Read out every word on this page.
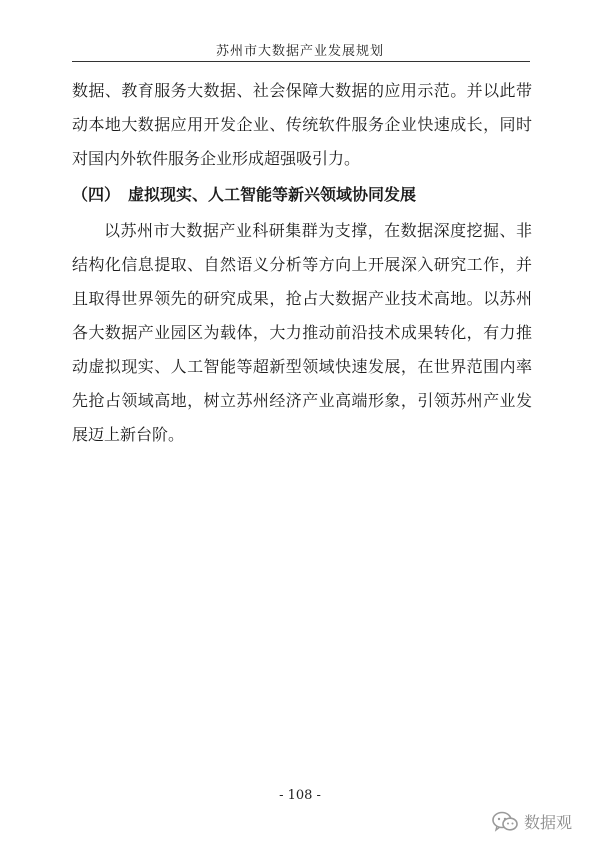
苏州市大数据产业发展规划
数据、教育服务大数据、社会保障大数据的应用示范。并以此带
动本地大数据应用开发企业、传统软件服务企业快速成长，同时
对国内外软件服务企业形成超强吸引力。
（四） 虚拟现实、人工智能等新兴领域协同发展
以苏州市大数据产业科研集群为支撑，在数据深度挖掘、非
结构化信息提取、自然语义分析等方向上开展深入研究工作，并
且取得世界领先的研究成果，抢占大数据产业技术高地。以苏州
各大数据产业园区为载体，大力推动前沿技术成果转化，有力推
动虚拟现实、人工智能等超新型领域快速发展，在世界范围内率
先抢占领域高地，树立苏州经济产业高端形象，引领苏州产业发
展迈上新台阶。
- 108 -
数据观
